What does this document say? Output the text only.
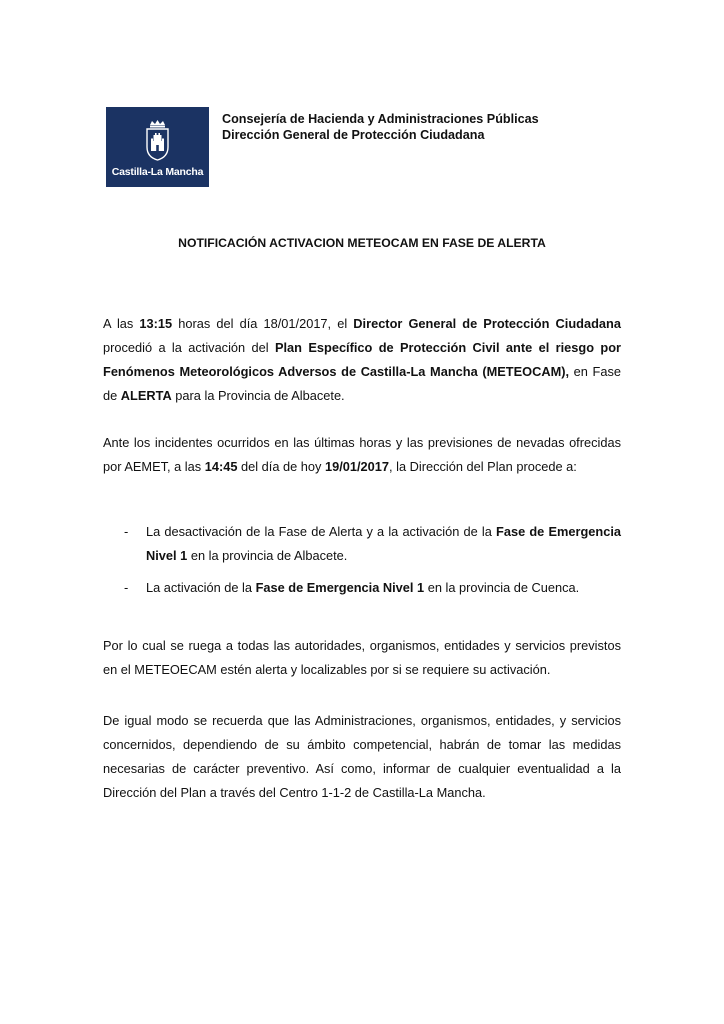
Castilla-La Mancha
Consejería de Hacienda y Administraciones Públicas
Dirección General de Protección Ciudadana
NOTIFICACIÓN ACTIVACION METEOCAM EN FASE DE ALERTA
A las 13:15 horas del día 18/01/2017, el Director General de Protección Ciudadana procedió a la activación del Plan Específico de Protección Civil ante el riesgo por Fenómenos Meteorológicos Adversos de Castilla-La Mancha (METEOCAM), en Fase de ALERTA para la Provincia de Albacete.
Ante los incidentes ocurridos en las últimas horas y las previsiones de nevadas ofrecidas por AEMET, a las 14:45 del día de hoy 19/01/2017, la Dirección del Plan procede a:
- La desactivación de la Fase de Alerta y a la activación de la Fase de Emergencia Nivel 1 en la provincia de Albacete.
- La activación de la Fase de Emergencia Nivel 1 en la provincia de Cuenca.
Por lo cual se ruega a todas las autoridades, organismos, entidades y servicios previstos en el METEOECAM estén alerta y localizables por si se requiere su activación.
De igual modo se recuerda que las Administraciones, organismos, entidades, y servicios concernidos, dependiendo de su ámbito competencial, habrán de tomar las medidas necesarias de carácter preventivo. Así como, informar de cualquier eventualidad a la Dirección del Plan a través del Centro 1-1-2 de Castilla-La Mancha.
